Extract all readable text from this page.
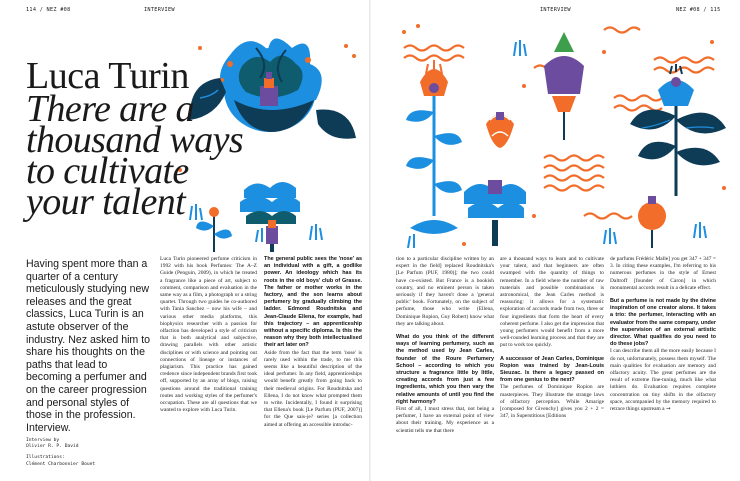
114 / NEZ #08	INTERVIEW
Luca Turin
There are a
thousand ways
to cultivate
your talent
Having spent more than a quarter of a century meticulously studying new releases and the great classics, Luca Turin is an astute observer of the industry. Nez asked him to share his thoughts on the paths that lead to becoming a perfumer and on the career progression and personal styles of those in the profession. Interview.
Interview by
Olivier R. P. David
Illustrations:
Clément Charbonnier Bouet

Luca Turin pioneered perfume criticism in 1992 with his book Perfumes: The A–Z Guide (Penguin, 2009), in which he treated a fragrance like a piece of art, subject to comment, comparison and evaluation in the same way as a film, a photograph or a string quartet. Through two guides he co-authored with Tania Sanchez – now his wife – and various other media platforms, this biophysics researcher with a passion for olfaction has developed a style of criticism that is both analytical and subjective, drawing parallels with other artistic disciplines or with science and pointing out connections of lineage or instances of plagiarism. This practice has gained credence since independent brands first took off, supported by an array of blogs, raising questions around the traditional training routes and working styles of the perfumer's occupation. These are all questions that we wanted to explore with Luca Turin.

The general public sees the 'nose' as an individual with a gift, a godlike power. An ideology which has its roots in the old boys' club of Grasse. The father or mother works in the factory, and the son learns about perfumery by gradually climbing the ladder. Edmond Roudnitska and Jean-Claude Ellena, for example, had this trajectory – an apprenticeship without a specific diploma. Is this the reason why they both intellectualised their art later on?

Aside from the fact that the term 'nose' is rarely used within the trade, to me this seems like a beautiful description of the ideal perfumer. In any field, apprenticeships would benefit greatly from going back to their medieval origins. For Roudnitska and Ellena, I do not know what prompted them to write. Incidentally, I found it surprising that Ellena's book [Le Parfum (PUF, 2007)] for the Que sais-je? series [a collection aimed at offering an accessible introduc-

INTERVIEW	NEZ #08 / 115

tion to a particular discipline written by an expert in the field] replaced Roudnitska's [Le Parfum (PUF, 1980)]; the two could have co-existed. But France is a bookish country, and no eminent person is taken seriously if they haven't done a 'general public' book. Fortunately, on the subject of perfume, those who write (Ellena, Dominique Ropion, Guy Robert) know what they are talking about.

What do you think of the different ways of learning perfumery, such as the method used by Jean Carles, founder of the Roure Perfumery School – according to which you structure a fragrance little by little, creating accords from just a few ingredients, which you then vary the relative amounts of until you find the right harmony?

First of all, I must stress that, not being a perfumer, I have an external point of view about their training. My experience as a scientist tells me that there

are a thousand ways to learn and to cultivate your talent, and that beginners are often swamped with the quantity of things to remember. In a field where the number of raw materials and possible combinations is astronomical, the Jean Carles method is reassuring: it allows for a systematic exploration of accords made from two, three or four ingredients that form the heart of every coherent perfume. I also get the impression that young perfumers would benefit from a more well-rounded learning process and that they are put to work too quickly.

A successor of Jean Carles, Dominique Ropion was trained by Jean-Louis Sieuzac. Is there a legacy passed on from one genius to the next?

The perfumes of Dominique Ropion are masterpieces. They illustrate the strange laws of olfactory perception. While Amarige [composed for Givenchy] gives you 2 + 2 = 347, in Superstitious [Editions

de parfums Frédéric Malle] you get 347 + 347 = 3. In citing these examples, I'm referring to his numerous perfumes in the style of Ernest Daltroff [founder of Caron] in which monumental accords result in a delicate effect.

But a perfume is not made by the divine inspiration of one creator alone. It takes a trio: the perfumer, interacting with an evaluator from the same company, under the supervision of an external artistic director. What qualifies do you need to do these jobs?

I can describe them all the more easily because I do not, unfortunately, possess them myself. The main qualities for evaluation are memory and olfactory acuity. The great perfumes are the result of extreme fine-tuning, much like what luthiers do. Evaluation requires complete concentration on tiny shifts in the olfactory space, accompanied by the memory required to retrace things upstream a →
